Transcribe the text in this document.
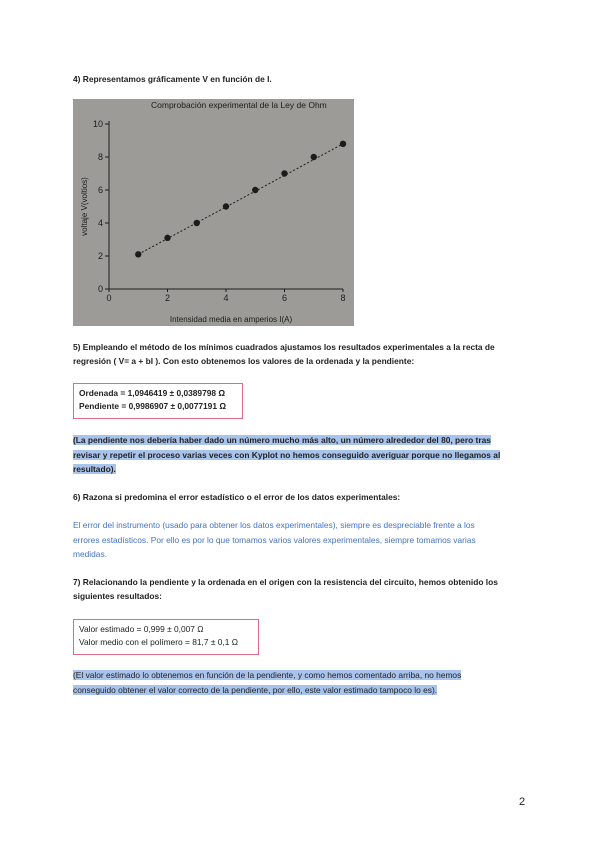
4) Representamos gráficamente V en función de I.
Comprobación experimental de la Ley de Ohm
0	2	4	6	8
0
2
4
6
8
10
Intensidad media en amperios I(A)
voltaje V(voltios)
5) Empleando el método de los mínimos cuadrados ajustamos los resultados experimentales a la recta de
regresión ( V= a + bI ). Con esto obtenemos los valores de la ordenada y la pendiente:
Ordenada = 1,0946419 ± 0,0389798 Ω
Pendiente = 0,9986907 ± 0,0077191 Ω
(La pendiente nos debería haber dado un número mucho más alto, un número alrededor del 80, pero tras
revisar y repetir el proceso varias veces con Kyplot no hemos conseguido averiguar porque no llegamos al
resultado).
6) Razona si predomina el error estadístico o el error de los datos experimentales:
El error del instrumento (usado para obtener los datos experimentales), siempre es despreciable frente a los
errores estadísticos. Por ello es por lo que tomamos varios valores experimentales, siempre tomamos varias
medidas.
7) Relacionando la pendiente y la ordenada en el origen con la resistencia del circuito, hemos obtenido los
siguientes resultados:
Valor estimado = 0,999 ± 0,007 Ω
Valor medio con el polímero = 81,7 ± 0,1 Ω
(El valor estimado lo obtenemos en función de la pendiente, y como hemos comentado arriba, no hemos
conseguido obtener el valor correcto de la pendiente, por ello, este valor estimado tampoco lo es).
2
